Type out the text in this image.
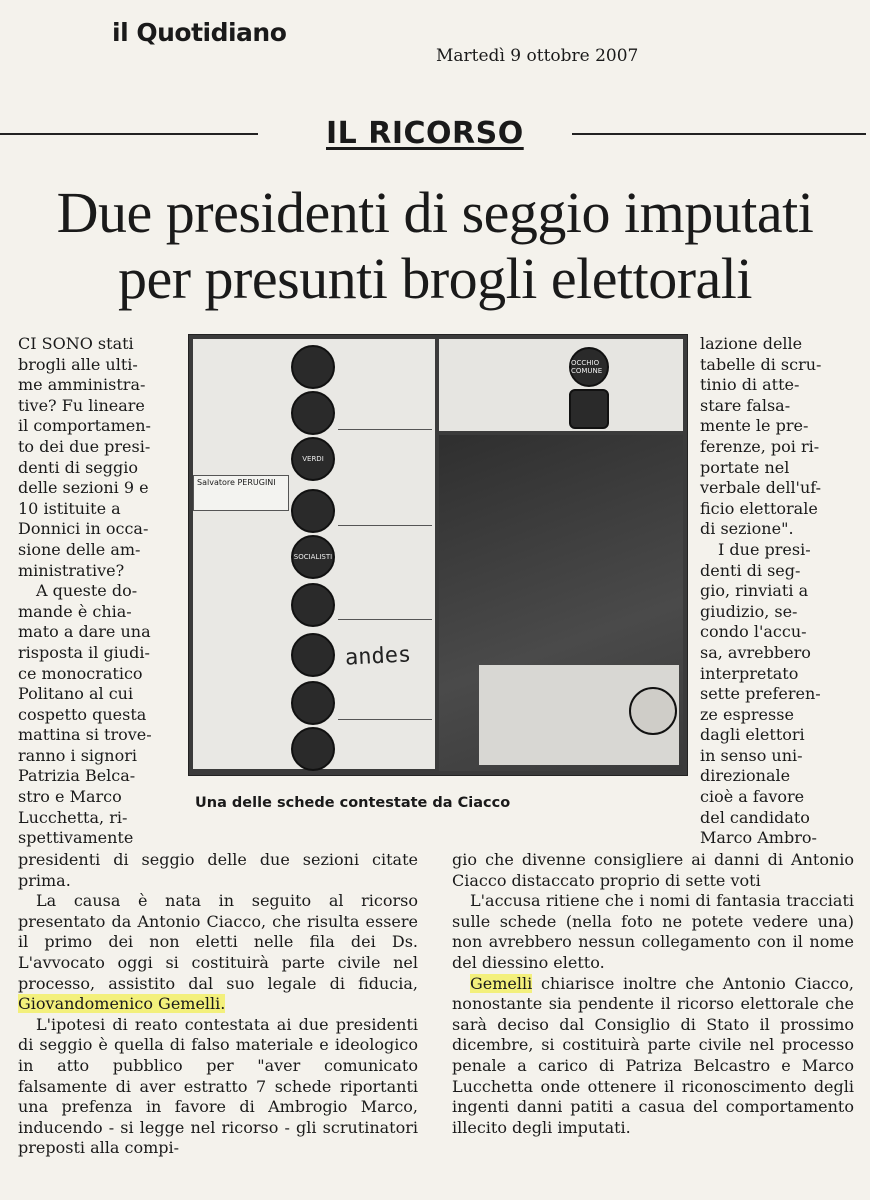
il Quotidiano
Martedì 9 ottobre 2007
IL RICORSO
Due presidenti di seggio imputati
per presunti brogli elettorali
CI SONO stati
brogli alle ulti-
me amministra-
tive? Fu lineare
il comportamen-
to dei due presi-
denti di seggio
delle sezioni 9 e
10 istituite a
Donnici in occa-
sione delle am-
ministrative?
A queste do-
mande è chia-
mato a dare una
risposta il giudi-
ce monocratico
Politano al cui
cospetto questa
mattina si trove-
ranno i signori
Patrizia Belca-
stro e Marco
Lucchetta, ri-
spettivamente
VERDI
SOCIALISTI
Salvatore PERUGINI
andes
OCCHIO COMUNE
Una delle schede contestate da Ciacco
lazione delle
tabelle di scru-
tinio di atte-
stare falsa-
mente le pre-
ferenze, poi ri-
portate nel
verbale dell'uf-
ficio elettorale
di sezione".
I due presi-
denti di seg-
gio, rinviati a
giudizio, se-
condo l'accu-
sa, avrebbero
interpretato
sette preferen-
ze espresse
dagli elettori
in senso uni-
direzionale
cioè a favore
del candidato
Marco Ambro-

presidenti di seggio delle due sezioni citate prima.

La causa è nata in seguito al ricorso presentato da Antonio Ciacco, che risulta essere il primo dei non eletti nelle fila dei Ds. L'avvocato oggi si costituirà parte civile nel processo, assistito dal suo legale di fiducia, Giovandomenico Gemelli.

L'ipotesi di reato contestata ai due presidenti di seggio è quella di falso materiale e ideologico in atto pubblico per "aver comunicato falsamente di aver estratto 7 schede riportanti una prefenza in favore di Ambrogio Marco, inducendo - si legge nel ricorso - gli scrutinatori preposti alla compi-

gio che divenne consigliere ai danni di Antonio Ciacco distaccato proprio di sette voti

L'accusa ritiene che i nomi di fantasia tracciati sulle schede (nella foto ne potete vedere una) non avrebbero nessun collegamento con il nome del diessino eletto.

Gemelli chiarisce inoltre che Antonio Ciacco, nonostante sia pendente il ricorso elettorale che sarà deciso dal Consiglio di Stato il prossimo dicembre, si costituirà parte civile nel processo penale a carico di Patriza Belcastro e Marco Lucchetta onde ottenere il riconoscimento degli ingenti danni patiti a casua del comportamento illecito degli imputati.
